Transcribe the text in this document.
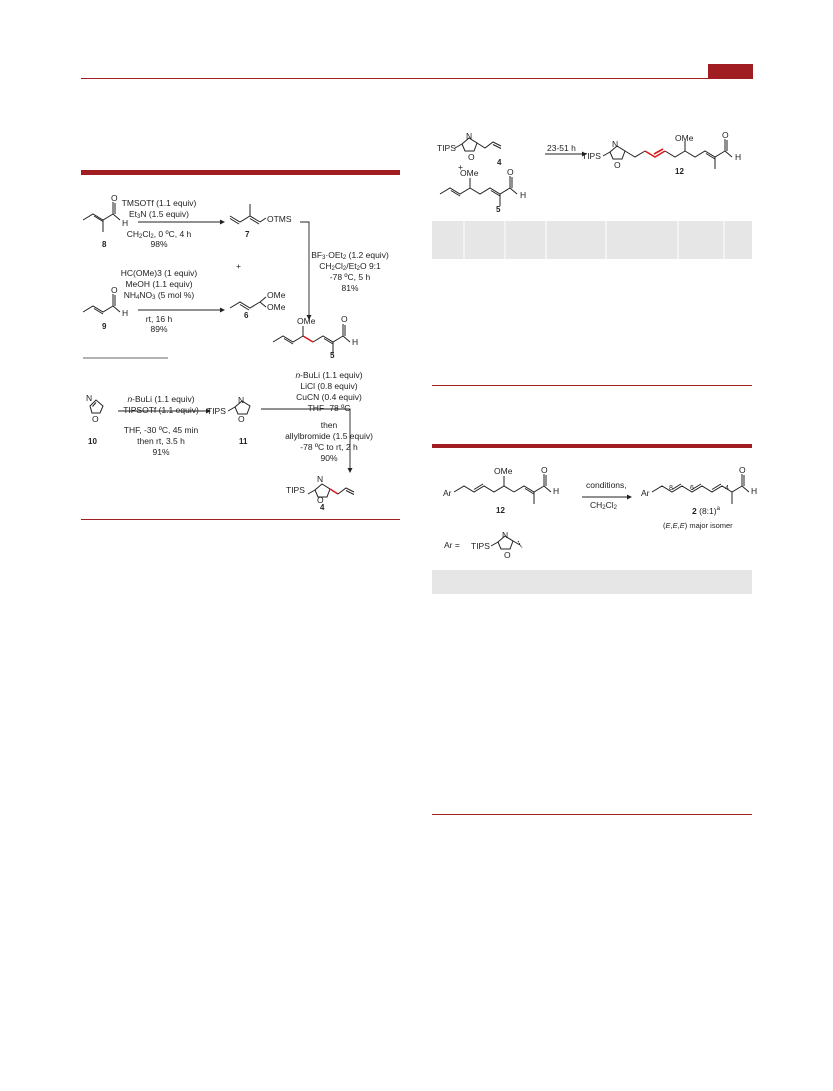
O
H
8
TMSOTf (1.1 equiv)
$Et_3N$ (1.5 equiv)
$CH_2Cl_2$, 0 ºC, 4 h
98%
OTMS
7
+
HC(OMe)3 (1 equiv)
MeOH (1.1 equiv)
$NH_4NO_3$ (5 mol %)
rt, 16 h
89%
O
H
9
OMe
OMe
6
$BF_3\cdot OEt_2$ (1.2 equiv)
$CH_2Cl_2/Et_2O$ 9:1
-78 ºC, 5 h
81%
OMe	O
H
5
N
O
10
n-BuLi (1.1 equiv)
TIPSOTf (1.1 equiv)
THF, -30 ºC, 45 min
then rt, 3.5 h
91%
TIPS
N
O
11
n-BuLi (1.1 equiv)
LiCl (0.8 equiv)
CuCN (0.4 equiv)
THF -78 ºC
then
allylbromide (1.5 equiv)
-78 ºC to rt, 2 h
90%
TIPS
N
O
4
TIPS
N
O
4
+
OMe	O
H
5
23-51 h
TIPS
N
O
OMe	O
H
12
Ar
OMe	O
H
12
conditions,
$CH_2Cl_2$
Ar	8 6	4
O
H
2 (8:1)$^a$
(E,E,E) major isomer
Ar = TIPS
N
O
